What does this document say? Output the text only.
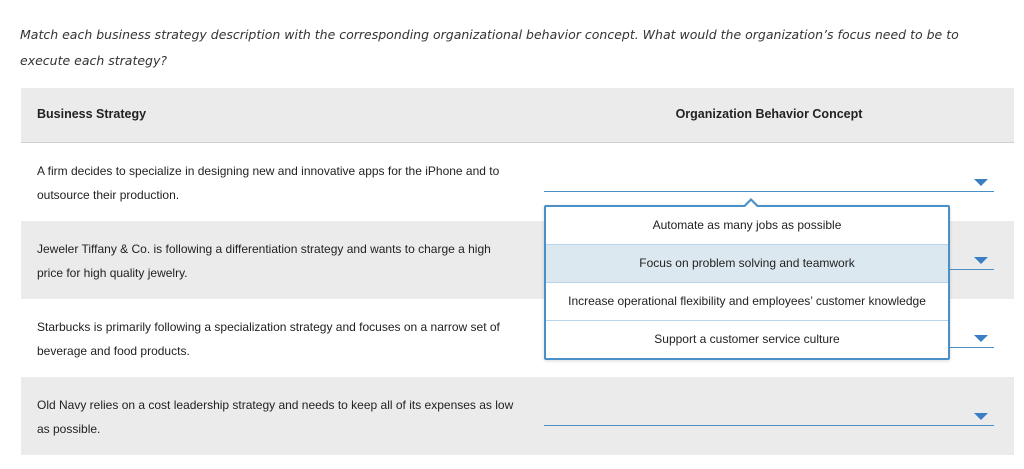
Match each business strategy description with the corresponding organizational behavior concept. What would the organization’s focus need to be to execute each strategy?
Business Strategy	Organization Behavior Concept
A firm decides to specialize in designing new and innovative apps for the iPhone and to outsource their production.
Jeweler Tiffany & Co. is following a differentiation strategy and wants to charge a high price for high quality jewelry.
Starbucks is primarily following a specialization strategy and focuses on a narrow set of beverage and food products.
Old Navy relies on a cost leadership strategy and needs to keep all of its expenses as low as possible.
Automate as many jobs as possible
Focus on problem solving and teamwork
Increase operational flexibility and employees’ customer knowledge
Support a customer service culture
